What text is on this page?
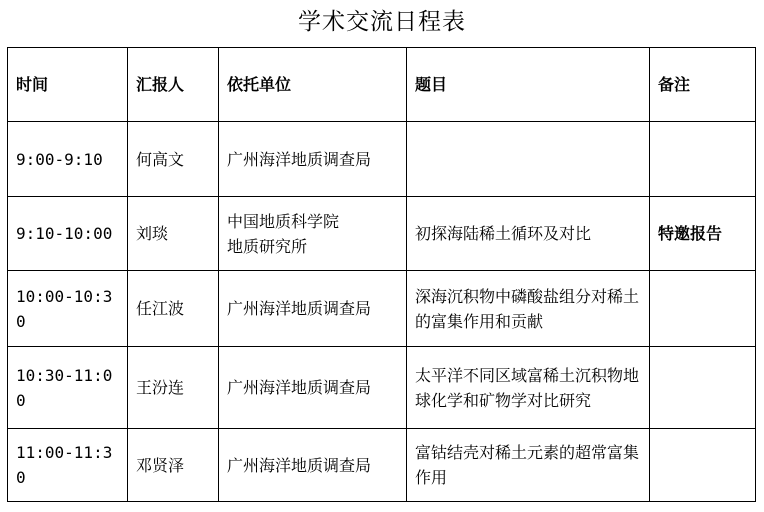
学术交流日程表
时间	汇报人	依托单位	题目	备注
9:00-9:10	何高文	广州海洋地质调查局		

9:10-10:00	刘琰	中国地质科学院
地质研究所	初探海陆稀土循环及对比	特邀报告
10:00-10:30	任江波	广州海洋地质调查局	深海沉积物中磷酸盐组分对稀土的富集作用和贡献	
10:30-11:00	王汾连	广州海洋地质调查局	太平洋不同区域富稀土沉积物地球化学和矿物学对比研究	
11:00-11:30	邓贤泽	广州海洋地质调查局	富钴结壳对稀土元素的超常富集作用	
